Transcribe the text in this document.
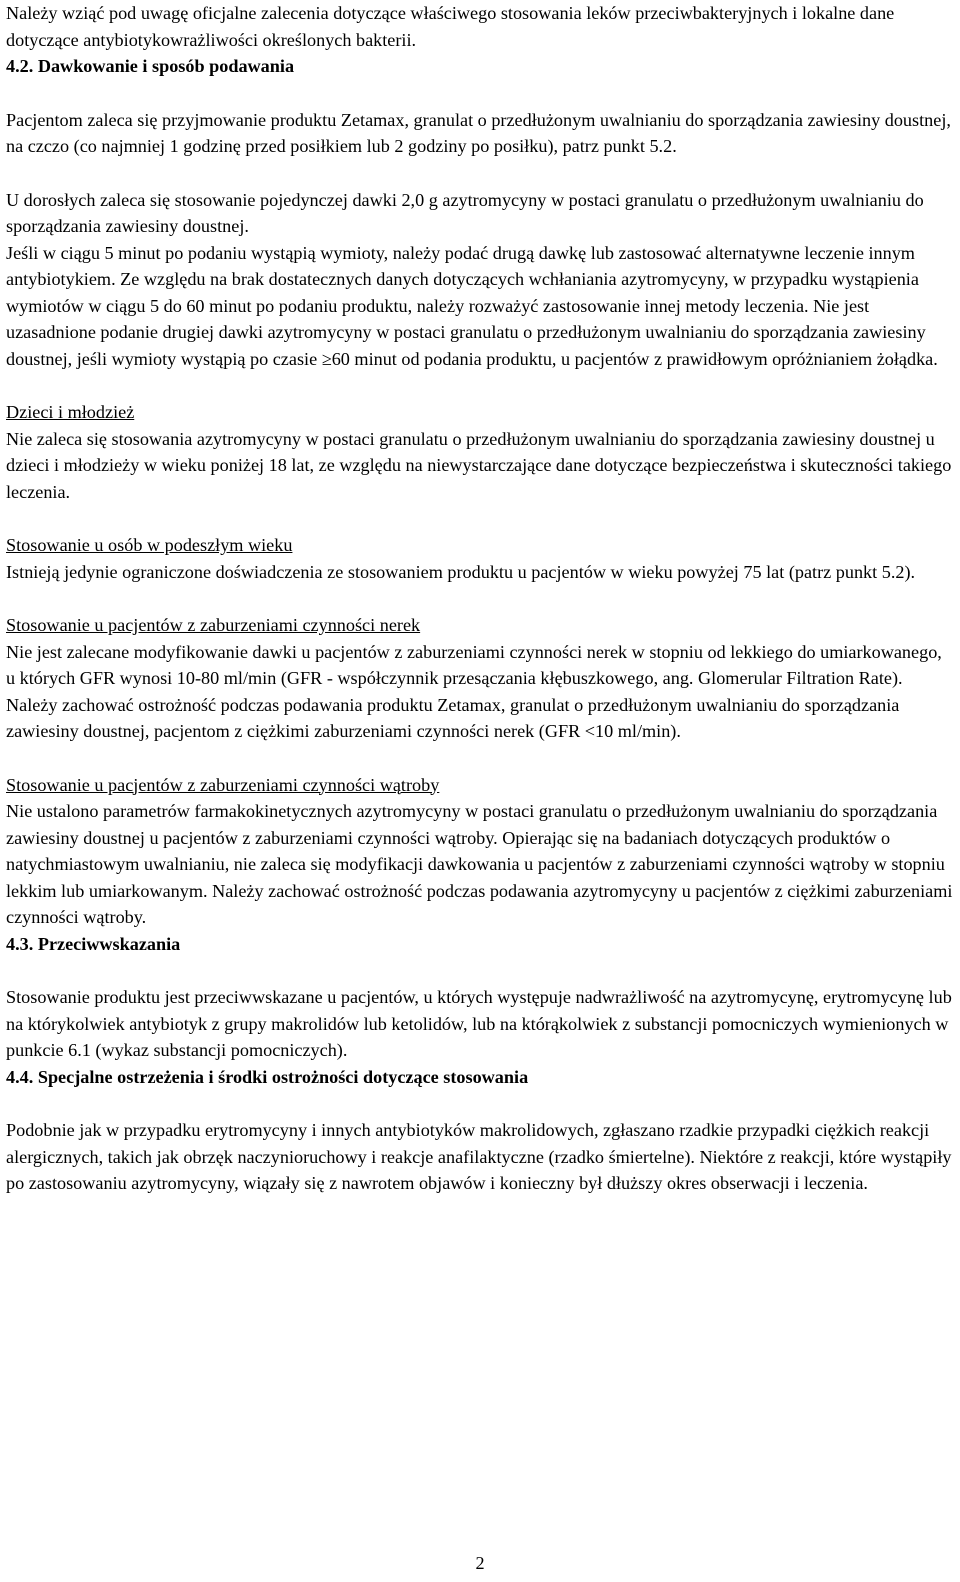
Należy wziąć pod uwagę oficjalne zalecenia dotyczące właściwego stosowania leków przeciwbakteryjnych i lokalne dane dotyczące antybiotykowrażliwości określonych bakterii.

4.2. Dawkowanie i sposób podawania

Pacjentom zaleca się przyjmowanie produktu Zetamax, granulat o przedłużonym uwalnianiu do sporządzania zawiesiny doustnej, na czczo (co najmniej 1 godzinę przed posiłkiem lub 2 godziny po posiłku), patrz punkt 5.2.

U dorosłych zaleca się stosowanie pojedynczej dawki 2,0 g azytromycyny w postaci granulatu o przedłużonym uwalnianiu do sporządzania zawiesiny doustnej.

Jeśli w ciągu 5 minut po podaniu wystąpią wymioty, należy podać drugą dawkę lub zastosować alternatywne leczenie innym antybiotykiem. Ze względu na brak dostatecznych danych dotyczących wchłaniania azytromycyny, w przypadku wystąpienia wymiotów w ciągu 5 do 60 minut po podaniu produktu, należy rozważyć zastosowanie innej metody leczenia. Nie jest uzasadnione podanie drugiej dawki azytromycyny w postaci granulatu o przedłużonym uwalnianiu do sporządzania zawiesiny doustnej, jeśli wymioty wystąpią po czasie ≥60 minut od podania produktu, u pacjentów z prawidłowym opróżnianiem żołądka.

Dzieci i młodzież

Nie zaleca się stosowania azytromycyny w postaci granulatu o przedłużonym uwalnianiu do sporządzania zawiesiny doustnej u dzieci i młodzieży w wieku poniżej 18 lat, ze względu na niewystarczające dane dotyczące bezpieczeństwa i skuteczności takiego leczenia.

Stosowanie u osób w podeszłym wieku

Istnieją jedynie ograniczone doświadczenia ze stosowaniem produktu u pacjentów w wieku powyżej 75 lat (patrz punkt 5.2).

Stosowanie u pacjentów z zaburzeniami czynności nerek

Nie jest zalecane modyfikowanie dawki u pacjentów z zaburzeniami czynności nerek w stopniu od lekkiego do umiarkowanego, u których GFR wynosi 10-80 ml/min (GFR - współczynnik przesączania kłębuszkowego, ang. Glomerular Filtration Rate). Należy zachować ostrożność podczas podawania produktu Zetamax, granulat o przedłużonym uwalnianiu do sporządzania zawiesiny doustnej, pacjentom z ciężkimi zaburzeniami czynności nerek (GFR <10 ml/min).

Stosowanie u pacjentów z zaburzeniami czynności wątroby

Nie ustalono parametrów farmakokinetycznych azytromycyny w postaci granulatu o przedłużonym uwalnianiu do sporządzania zawiesiny doustnej u pacjentów z zaburzeniami czynności wątroby. Opierając się na badaniach dotyczących produktów o natychmiastowym uwalnianiu, nie zaleca się modyfikacji dawkowania u pacjentów z zaburzeniami czynności wątroby w stopniu lekkim lub umiarkowanym. Należy zachować ostrożność podczas podawania azytromycyny u pacjentów z ciężkimi zaburzeniami czynności wątroby.

4.3. Przeciwwskazania

Stosowanie produktu jest przeciwwskazane u pacjentów, u których występuje nadwrażliwość na azytromycynę, erytromycynę lub na którykolwiek antybiotyk z grupy makrolidów lub ketolidów, lub na którąkolwiek z substancji pomocniczych wymienionych w punkcie 6.1 (wykaz substancji pomocniczych).

4.4. Specjalne ostrzeżenia i środki ostrożności dotyczące stosowania

Podobnie jak w przypadku erytromycyny i innych antybiotyków makrolidowych, zgłaszano rzadkie przypadki ciężkich reakcji alergicznych, takich jak obrzęk naczynioruchowy i reakcje anafilaktyczne (rzadko śmiertelne). Niektóre z reakcji, które wystąpiły po zastosowaniu azytromycyny, wiązały się z nawrotem objawów i konieczny był dłuższy okres obserwacji i leczenia.

2
